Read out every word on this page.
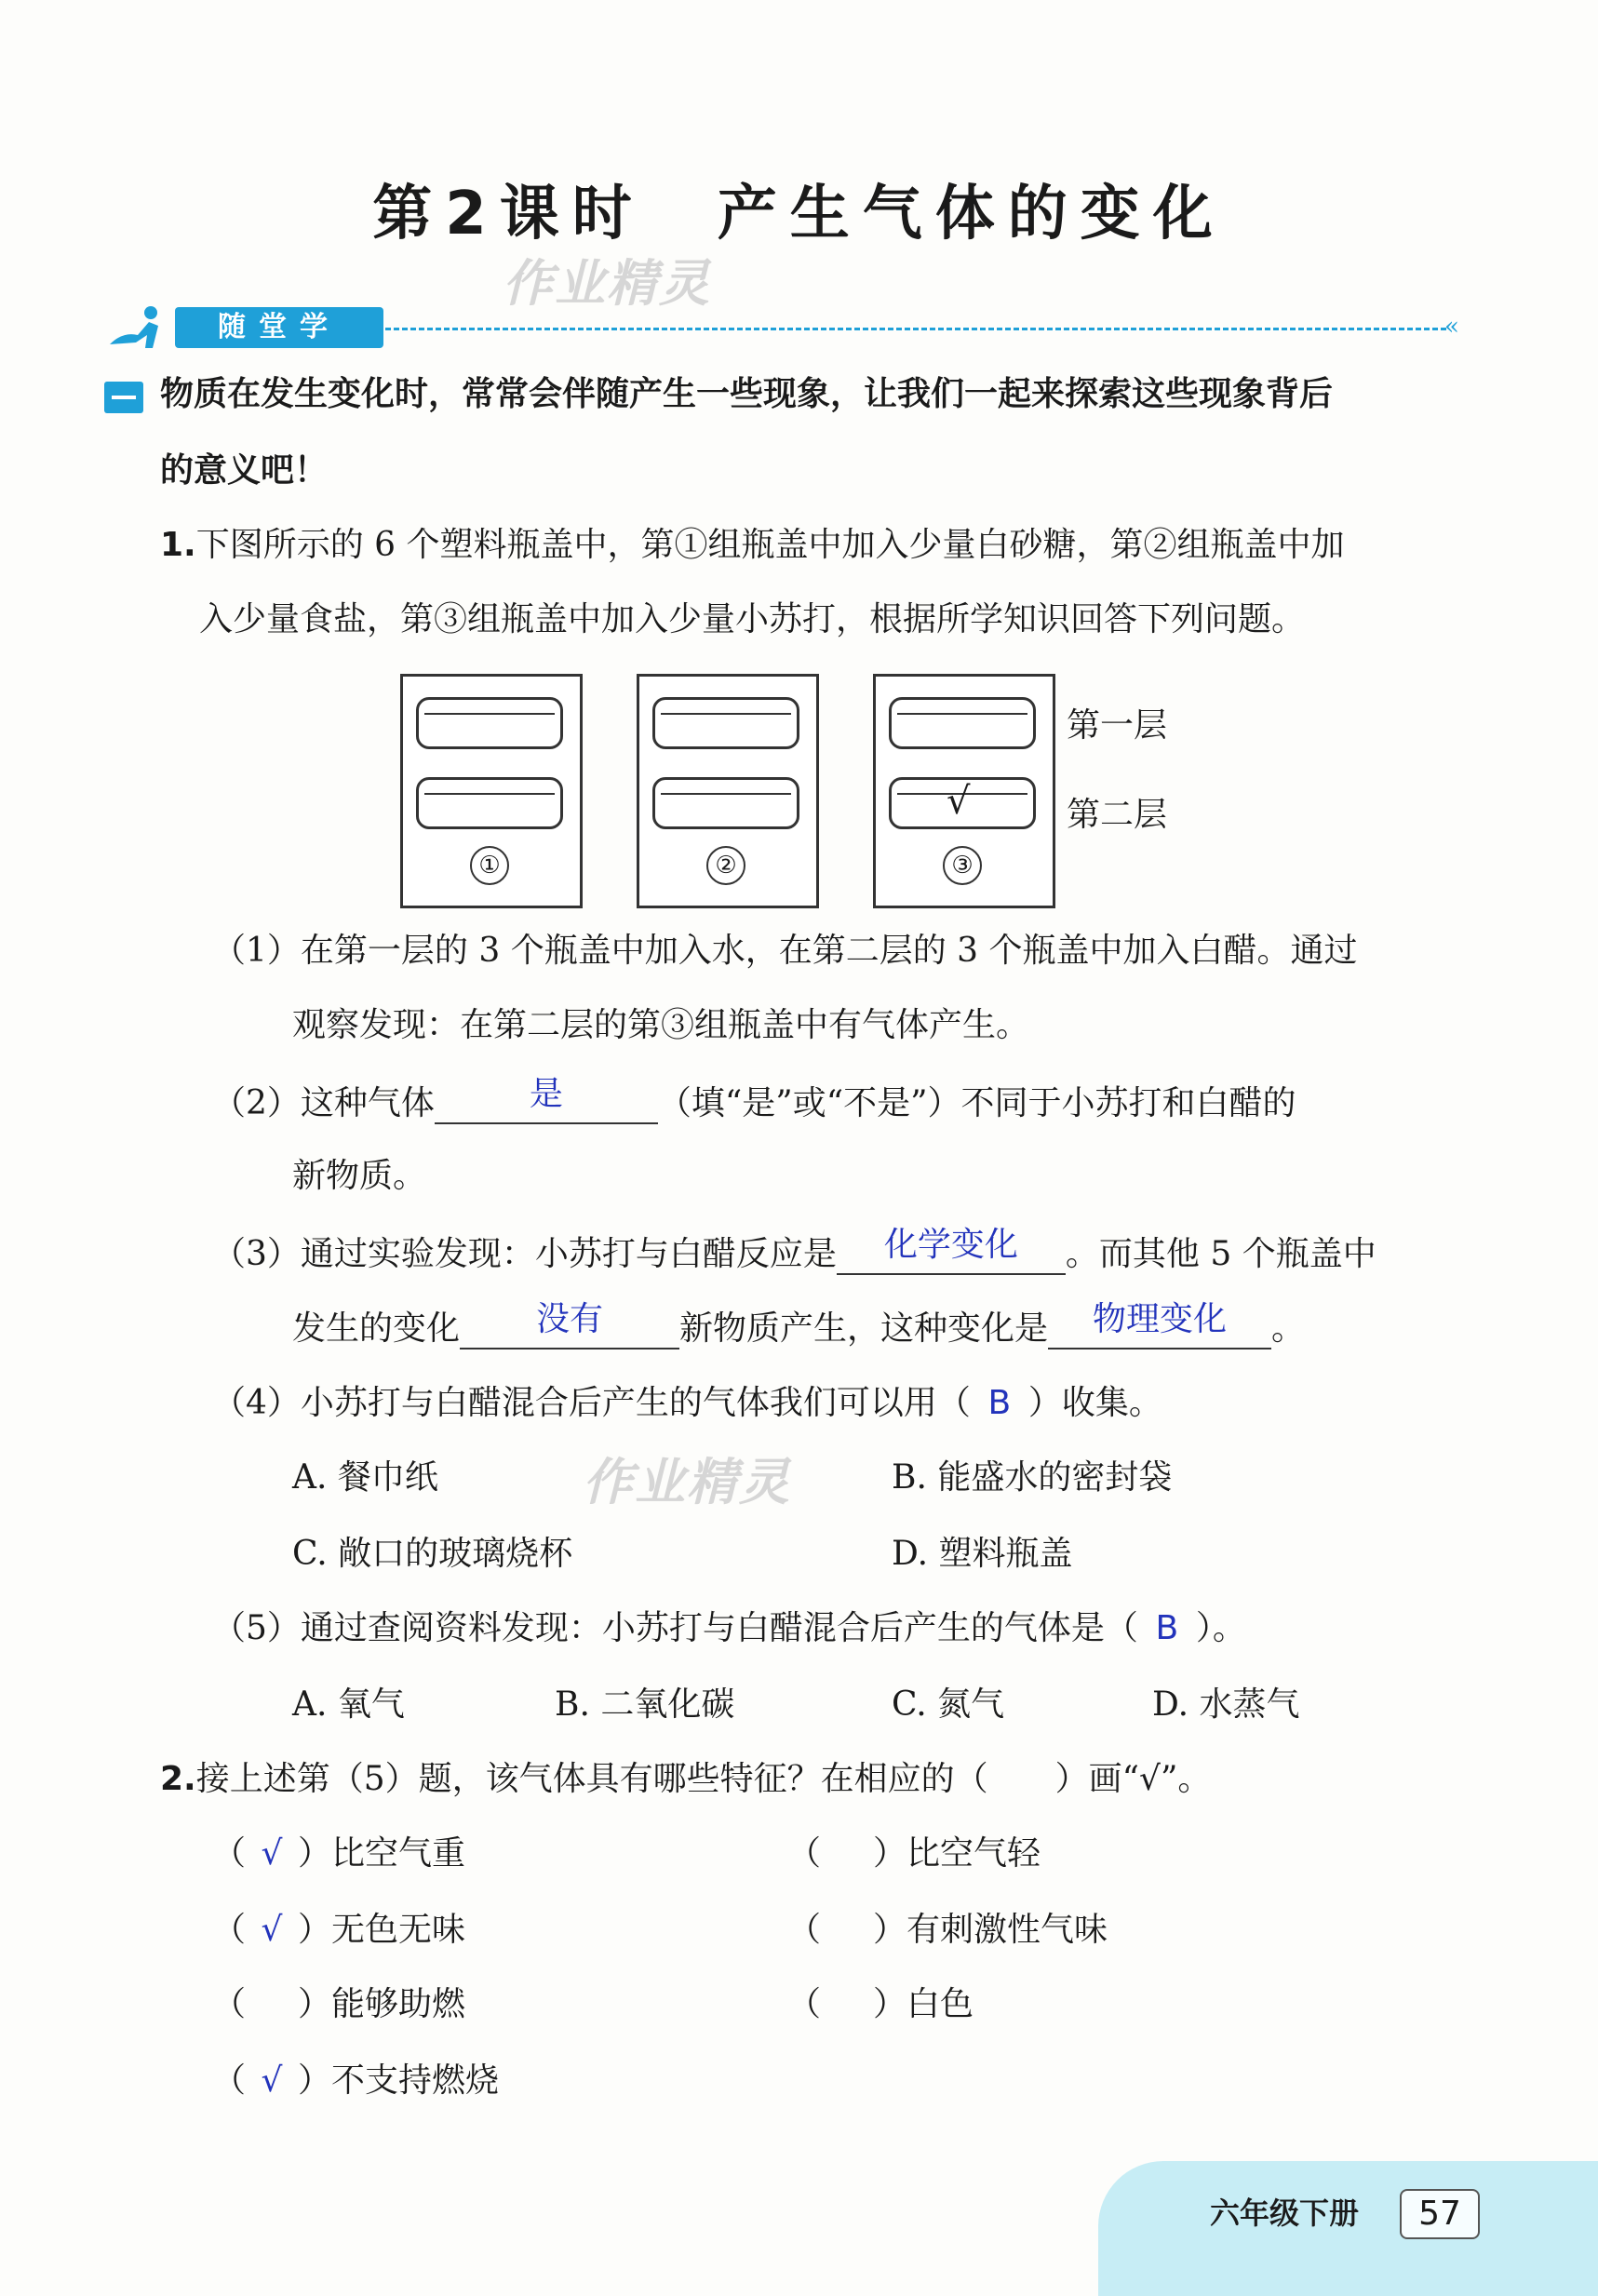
第2课时　产生气体的变化
作业精灵
作业精灵
随堂学	«
物质在发生变化时，常常会伴随产生一些现象，让我们一起来探索这些现象背后
的意义吧！
1.下图所示的 6 个塑料瓶盖中，第①组瓶盖中加入少量白砂糖，第②组瓶盖中加
入少量食盐，第③组瓶盖中加入少量小苏打，根据所学知识回答下列问题。
①	②
√
③
第一层
第二层
（1）在第一层的 3 个瓶盖中加入水，在第二层的 3 个瓶盖中加入白醋。通过
观察发现：在第二层的第③组瓶盖中有气体产生。
（2）这种气体	是	（填“是”或“不是”）不同于小苏打和白醋的
新物质。
（3）通过实验发现：小苏打与白醋反应是 化学变化 。而其他 5 个瓶盖中
发生的变化 没有 新物质产生，这种变化是 物理变化 。
（4）小苏打与白醋混合后产生的气体我们可以用（ B ）收集。
A. 餐巾纸	B. 能盛水的密封袋
C. 敞口的玻璃烧杯	D. 塑料瓶盖
（5）通过查阅资料发现：小苏打与白醋混合后产生的气体是（ B ）。
A. 氧气	B. 二氧化碳	C. 氮气	D. 水蒸气
2.接上述第（5）题，该气体具有哪些特征？在相应的（　　）画“√”。
（ √ ）比空气重	（ ）比空气轻
（ √ ）无色无味	（ ）有刺激性气味
（ ）能够助燃	（ ）白色
（ √ ）不支持燃烧
六年级下册	57
